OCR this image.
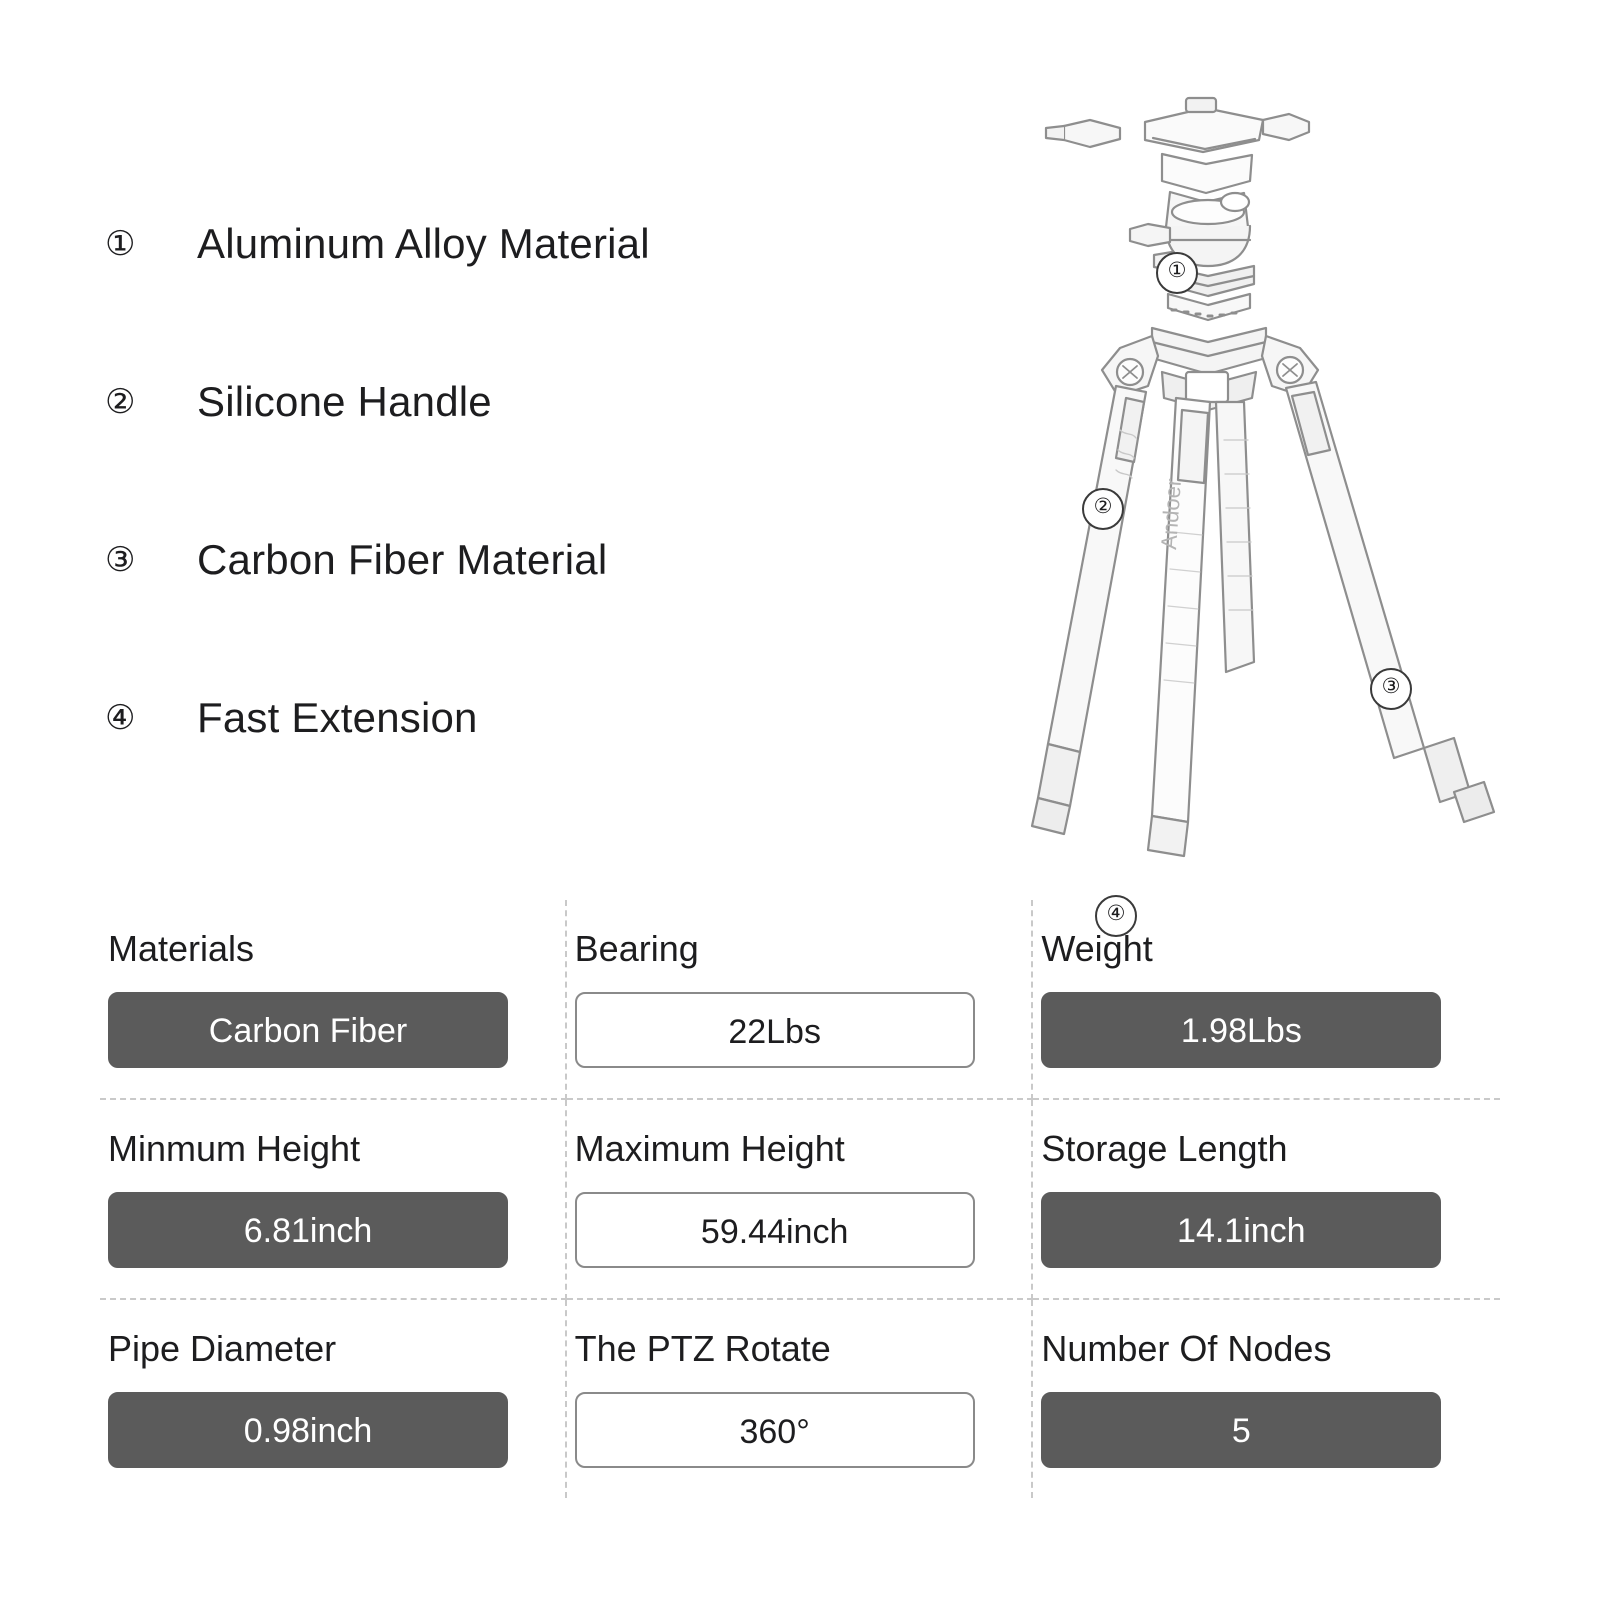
①	Aluminum Alloy Material
②	Silicone Handle
③	Carbon Fiber Material
④	Fast Extension
Andoer
①
②
③
④
Materials
Carbon Fiber
Bearing
22Lbs
Weight
1.98Lbs
Minmum Height
6.81inch
Maximum Height
59.44inch
Storage Length
14.1inch
Pipe Diameter
0.98inch
The PTZ Rotate
360°
Number Of Nodes
5
